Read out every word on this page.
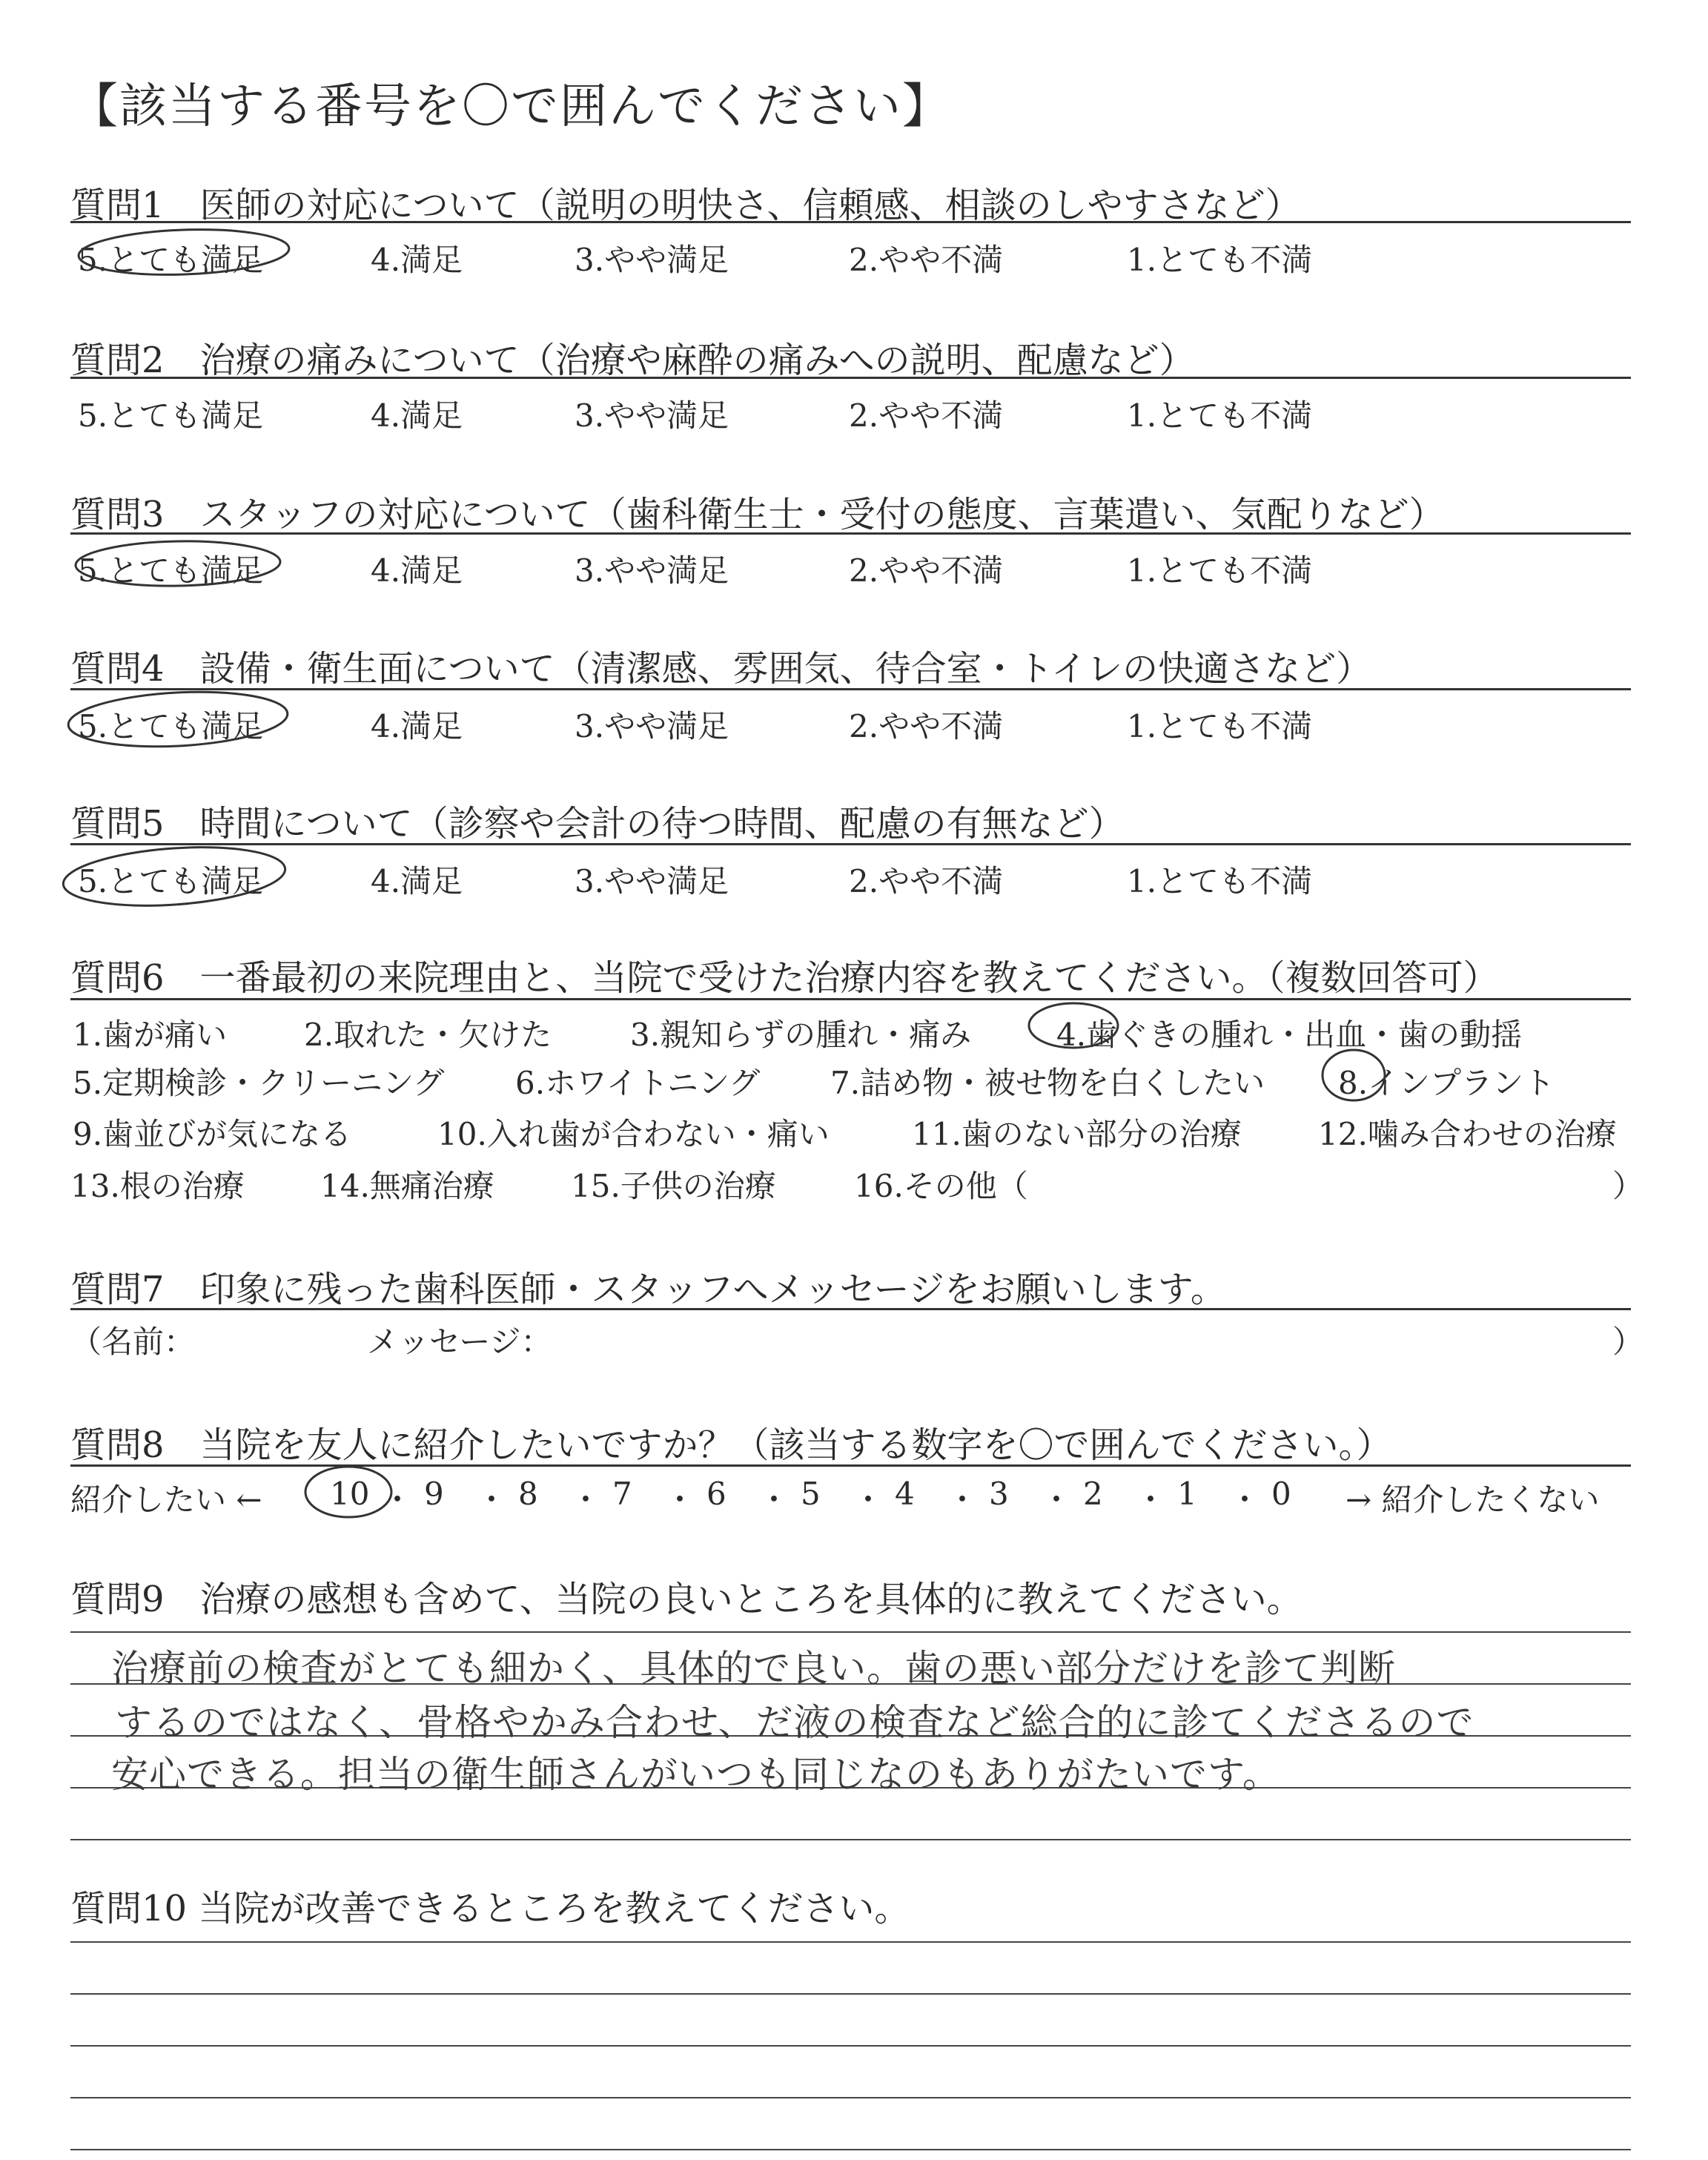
【該当する番号を〇で囲んでください】
質問1　医師の対応について（説明の明快さ、信頼感、相談のしやすさなど）
5.とても満足	4.満足	3.やや満足	2.やや不満	1.とても不満
質問2　治療の痛みについて（治療や麻酔の痛みへの説明、配慮など）
5.とても満足	4.満足	3.やや満足	2.やや不満	1.とても不満
質問3　スタッフの対応について（歯科衛生士・受付の態度、言葉遣い、気配りなど）
5.とても満足	4.満足	3.やや満足	2.やや不満	1.とても不満
質問4　設備・衛生面について（清潔感、雰囲気、待合室・トイレの快適さなど）
5.とても満足	4.満足	3.やや満足	2.やや不満	1.とても不満
質問5　時間について（診察や会計の待つ時間、配慮の有無など）
5.とても満足	4.満足	3.やや満足	2.やや不満	1.とても不満
質問6　一番最初の来院理由と、当院で受けた治療内容を教えてください。（複数回答可）
1.歯が痛い 2.取れた・欠けた	3.親知らずの腫れ・痛み	4.歯ぐきの腫れ・出血・歯の動揺
5.定期検診・クリーニング 6.ホワイトニング 7.詰め物・被せ物を白くしたい 8.インプラント
9.歯並びが気になる	10.入れ歯が合わない・痛い	11.歯のない部分の治療 12.噛み合わせの治療
13.根の治療 14.無痛治療 15.子供の治療	16.その他（	）
質問7　印象に残った歯科医師・スタッフへメッセージをお願いします。
（名前：	メッセージ：	）
質問8　当院を友人に紹介したいですか？（該当する数字を〇で囲んでください。）
紹介したい ← 10 ・ 9 ・ 8 ・ 7 ・ 6 ・ 5 ・ 4 ・ 3 ・ 2 ・ 1 ・ 0 → 紹介したくない
質問9　治療の感想も含めて、当院の良いところを具体的に教えてください。
治療前の検査がとても細かく、具体的で良い。歯の悪い部分だけを診て判断
するのではなく、骨格やかみ合わせ、だ液の検査など総合的に診てくださるので
安心できる。担当の衛生師さんがいつも同じなのもありがたいです。
質問10 当院が改善できるところを教えてください。
